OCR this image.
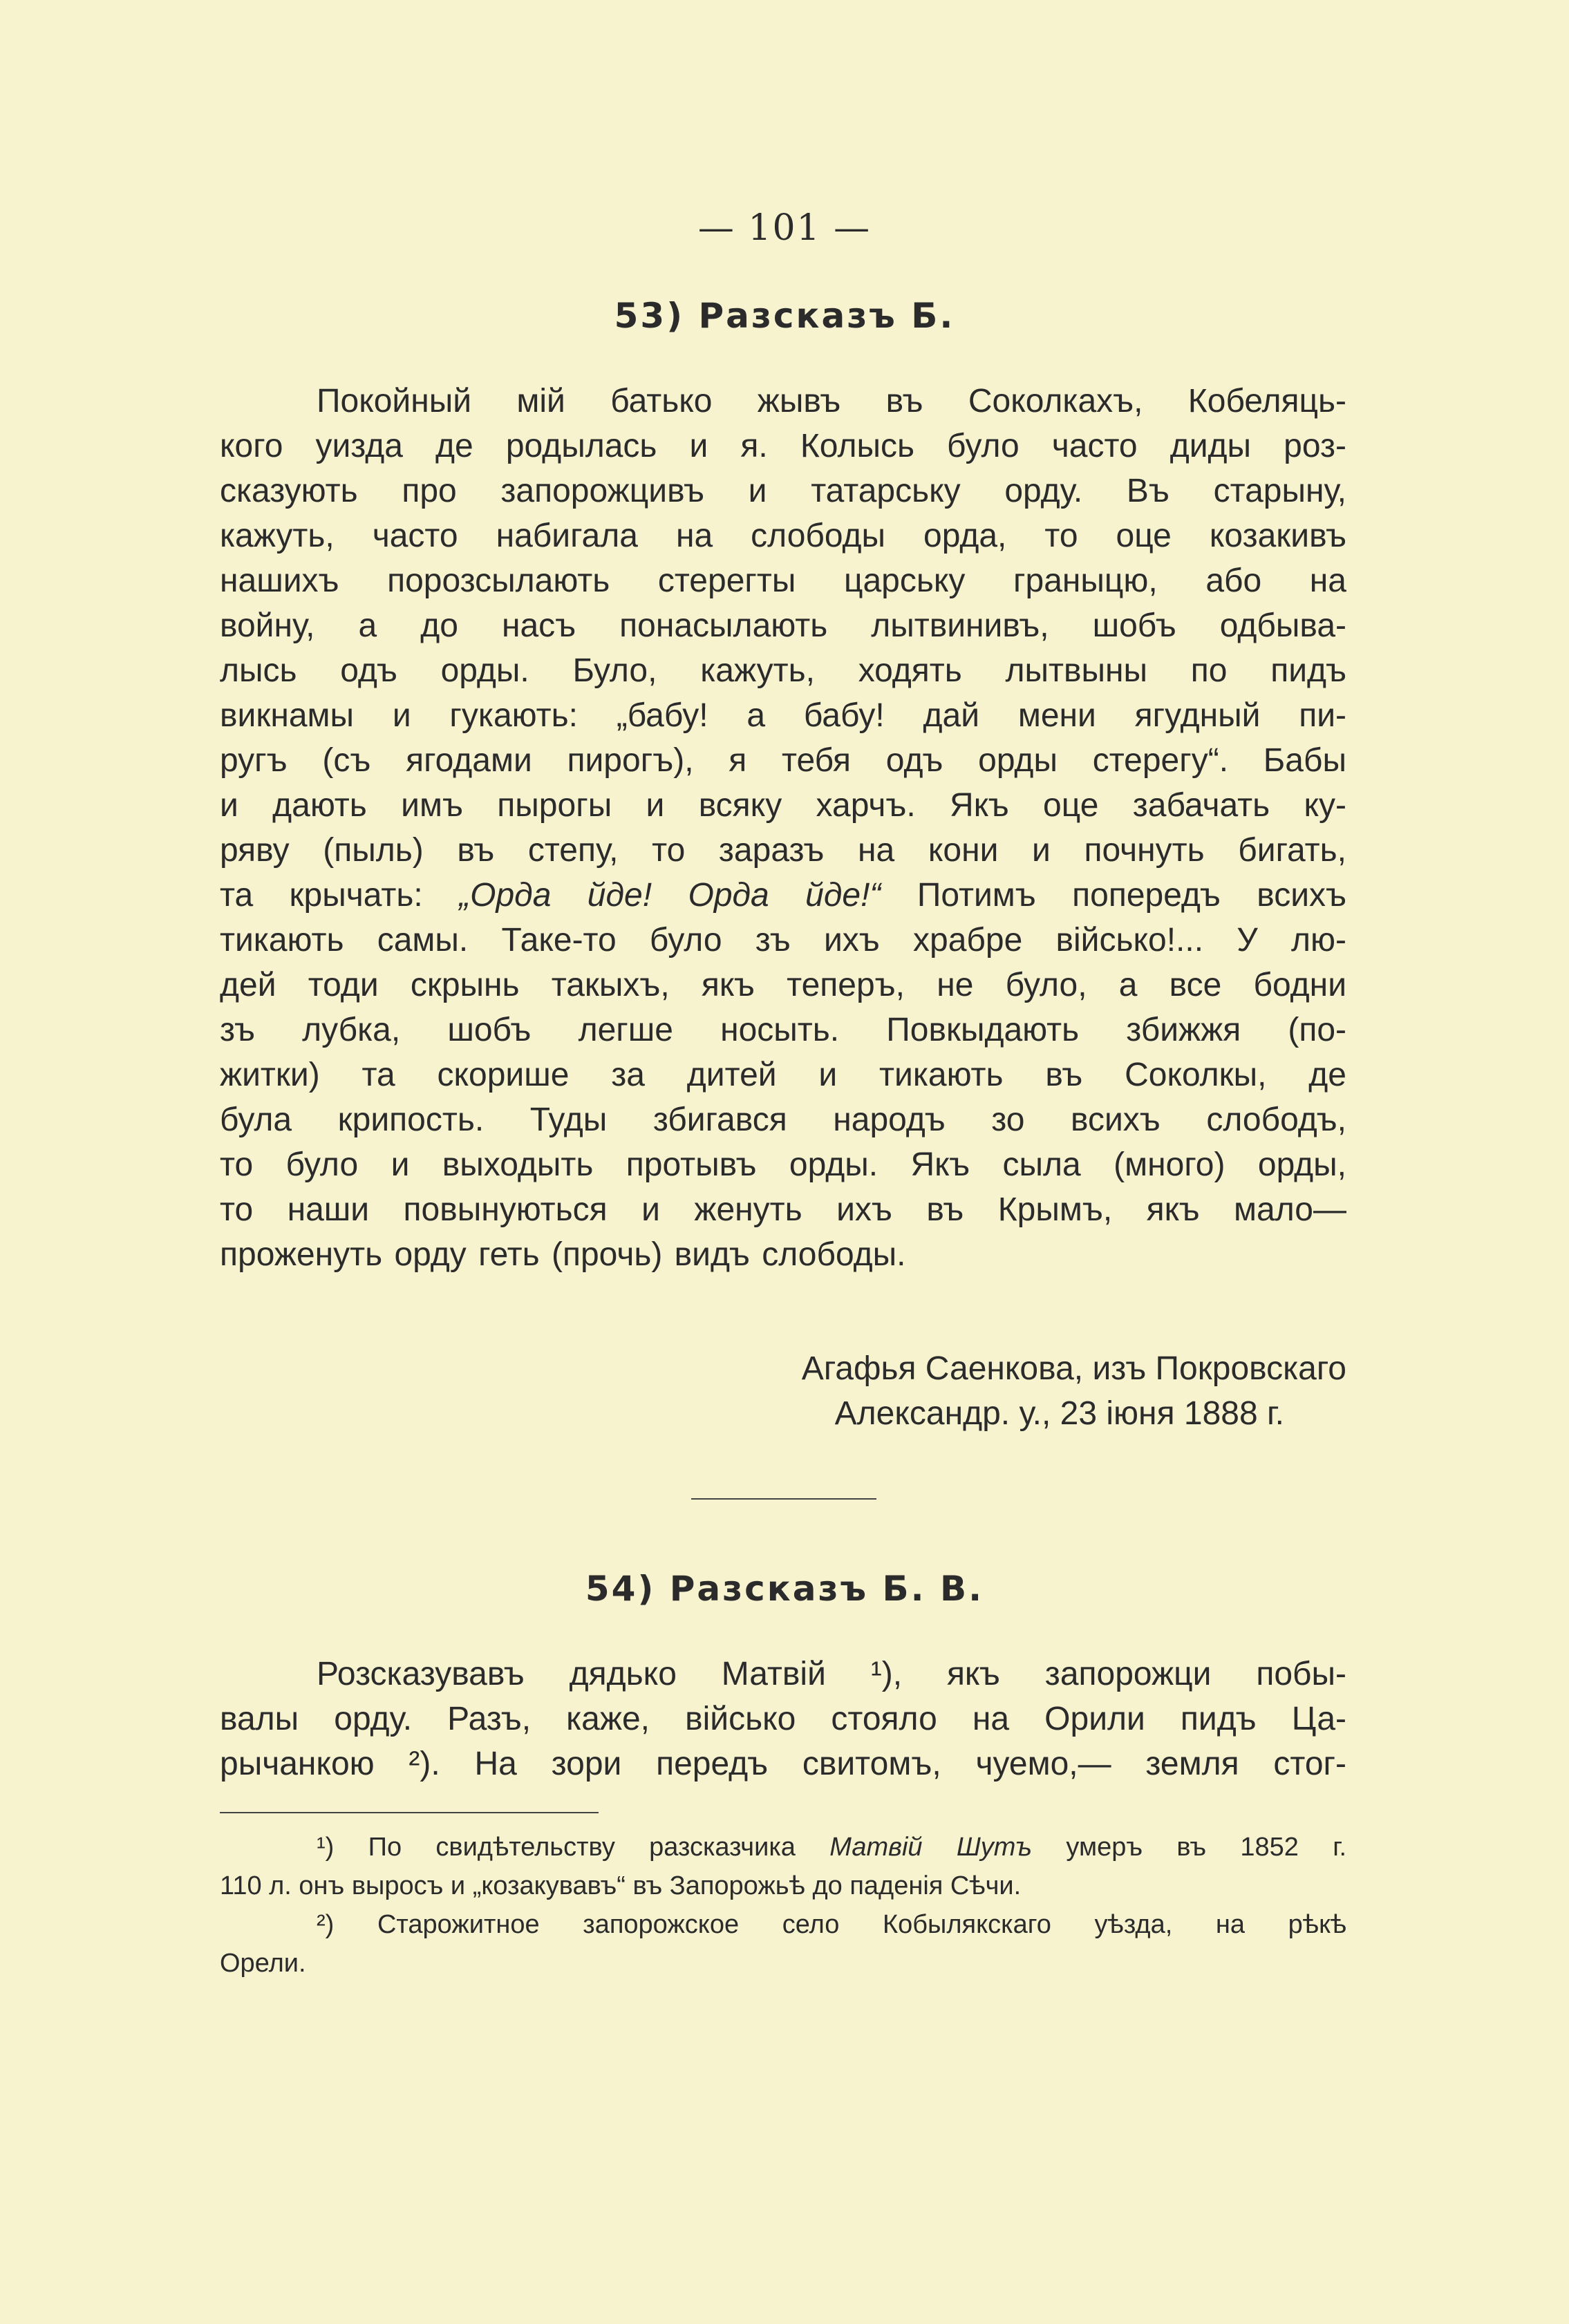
— 101 —
53) Разсказъ Б.
Покойный мій батько жывъ въ Соколкахъ, Кобеляць-
кого уизда де родылась и я. Колысь було часто диды роз-
сказують про запорожцивъ и татарську орду. Въ старыну,
кажуть, часто набигала на слободы орда, то оце козакивъ
нашихъ порозсылають стерегты царську граныцю, або на
войну, а до насъ понасылають лытвинивъ, шобъ одбыва-
лысь одъ орды. Було, кажуть, ходять лытвыны по пидъ
викнамы и гукають: „бабу! а бабу! дай мени ягудный пи-
ругъ (съ ягодами пирогъ), я тебя одъ орды стерегу“. Бабы
и дають имъ пырогы и всяку харчъ. Якъ оце забачать ку-
ряву (пыль) въ степу, то заразъ на кони и почнуть бигать,
та крычать: „Орда йде! Орда йде!“ Потимъ попередъ всихъ
тикають самы. Таке-то було зъ ихъ храбре військо!... У лю-
дей тоди скрынь такыхъ, якъ теперъ, не було, а все бодни
зъ лубка, шобъ легше носыть. Повкыдають збижжя (по-
житки) та скорише за дитей и тикають въ Соколкы, де
була крипость. Туды збигався народъ зо всихъ слободъ,
то було и выходыть протывъ орды. Якъ сыла (много) орды,
то наши повынуються и женуть ихъ въ Крымъ, якъ мало—
проженуть орду геть (прочь) видъ слободы.
Агафья Саенкова, изъ Покровскаго
Александр. у., 23 іюня 1888 г.
54) Разсказъ Б. В.
Розсказувавъ дядько Матвій ¹), якъ запорожци побы-
валы орду. Разъ, каже, військо стояло на Орили пидъ Ца-
рычанкою ²). На зори передъ свитомъ, чуемо,— земля стог-
¹) По свидѣтельству разсказчика Матвій Шутъ умеръ въ 1852 г.
110 л. онъ выросъ и „козакувавъ“ въ Запорожьѣ до паденія Сѣчи.
²) Старожитное запорожское село Кобылякскаго уѣзда, на рѣкѣ
Орели.
